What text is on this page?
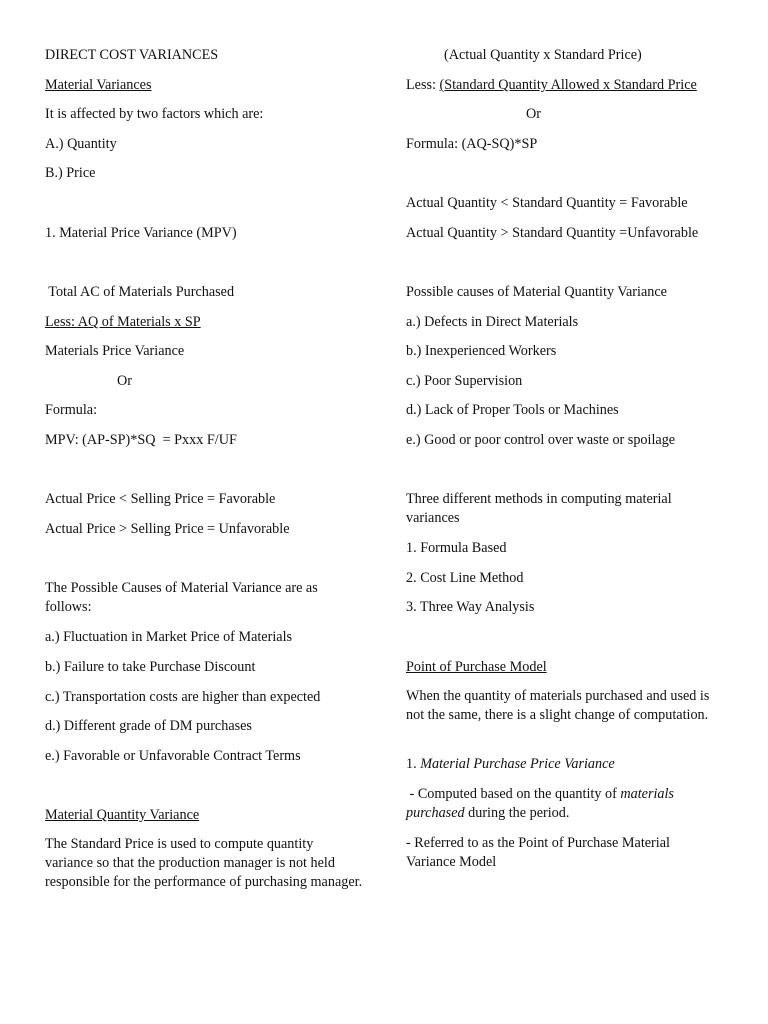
DIRECT COST VARIANCES
Material Variances
It is affected by two factors which are:
A.) Quantity
B.) Price
1. Material Price Variance (MPV)
Total AC of Materials Purchased
Less: AQ of Materials x SP
Materials Price Variance
Or
Formula:
MPV: (AP-SP)*SQ  = Pxxx F/UF
Actual Price < Selling Price = Favorable
Actual Price > Selling Price = Unfavorable
The Possible Causes of Material Variance are as follows:
a.) Fluctuation in Market Price of Materials
b.) Failure to take Purchase Discount
c.) Transportation costs are higher than expected
d.) Different grade of DM purchases
e.) Favorable or Unfavorable Contract Terms
Material Quantity Variance
The Standard Price is used to compute quantity variance so that the production manager is not held responsible for the performance of purchasing manager.
(Actual Quantity x Standard Price)
Less: (Standard Quantity Allowed x Standard Price
Or
Formula: (AQ-SQ)*SP
Actual Quantity < Standard Quantity = Favorable
Actual Quantity > Standard Quantity =Unfavorable
Possible causes of Material Quantity Variance
a.) Defects in Direct Materials
b.) Inexperienced Workers
c.) Poor Supervision
d.) Lack of Proper Tools or Machines
e.) Good or poor control over waste or spoilage
Three different methods in computing material variances
1. Formula Based
2. Cost Line Method
3. Three Way Analysis
Point of Purchase Model
When the quantity of materials purchased and used is not the same, there is a slight change of computation.
1. Material Purchase Price Variance
- Computed based on the quantity of materials purchased during the period.
- Referred to as the Point of Purchase Material Variance Model
